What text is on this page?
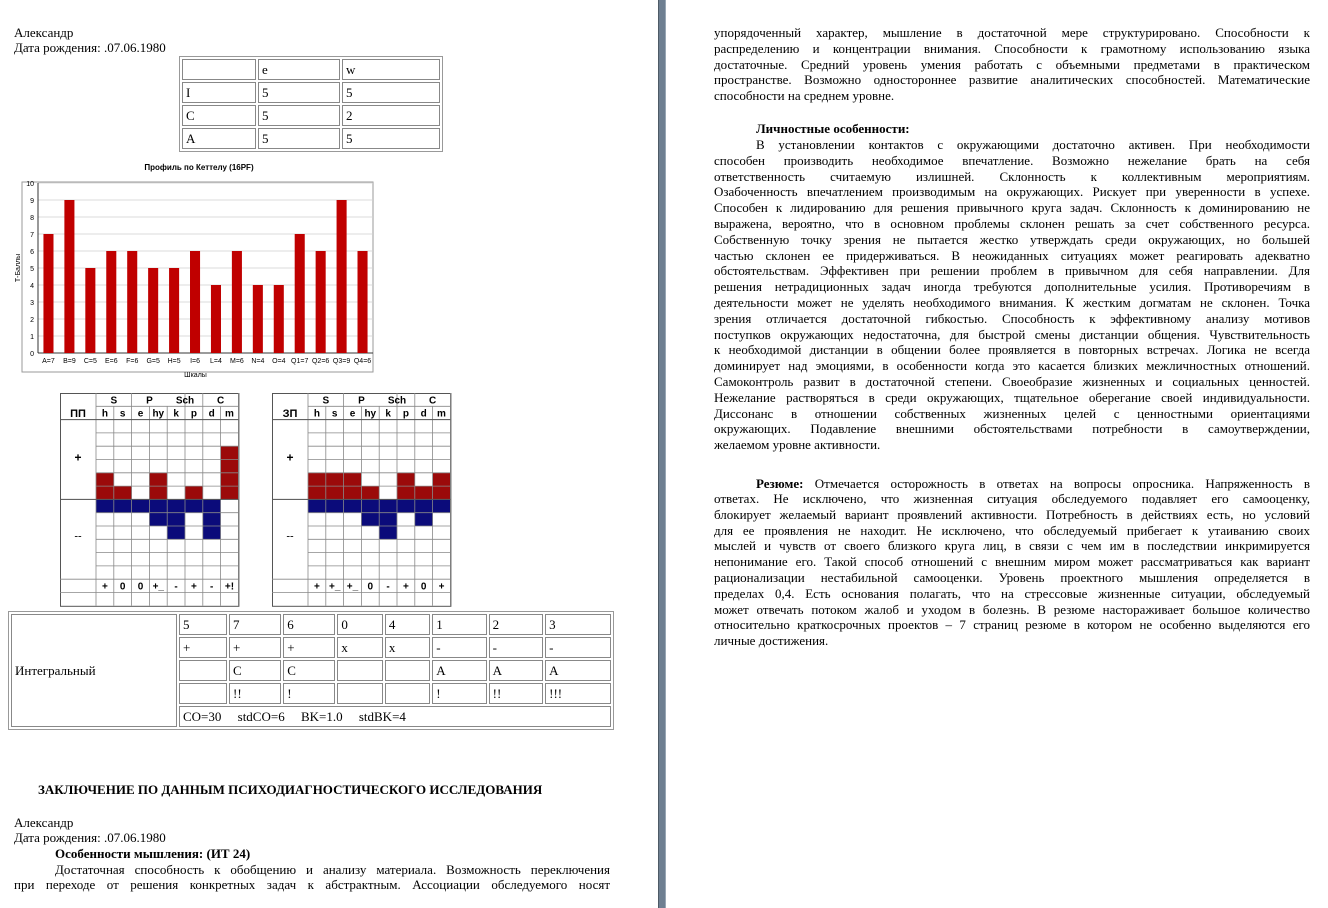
Александр
Дата рождения: .07.06.1980
	e	w
I	5	5
C	5	2
A	5	5
Профиль по Кеттелу (16PF)
0
1
2
3
4
5
6
7
8
9
10
A=7 B=9 C=5 E=6 F=6 G=5 H=5 I=6 L=4 M=6 N=4 O=4 Q1=7 Q2=6 Q3=9 Q4=6
Шкалы
Т-Баллы
S	P Sch C
h s e hy k p d m
+ 0 0 +_ - + - +!
ПП
+
--
S	P Sch C
h s e hy k p d m
+ +_ +_ 0 - + 0 +
ЗП
+
--
Интегральный	5	7	6	0	4	1	2	3
	+	+	+	x	x	-	-	-
		C	C			A	A	A
		!!	!			!	!!	!!!
	CO=30     stdCO=6     BK=1.0     stdBK=4							
ЗАКЛЮЧЕНИЕ ПО ДАННЫМ ПСИХОДИАГНОСТИЧЕСКОГО ИССЛЕДОВАНИЯ
Александр
Дата рождения: .07.06.1980
Особенности мышления: (ИТ 24)
Достаточная способность к обобщению и анализу материала. Возможность переключения
при переходе от решения конкретных задач к абстрактным. Ассоциации обследуемого носят
упорядоченный характер, мышление в достаточной мере структурировано. Способности к
распределению и концентрации внимания. Способности к грамотному использованию языка
достаточные. Средний уровень умения работать с объемными предметами в практическом
пространстве. Возможно одностороннее развитие аналитических способностей. Математические
способности на среднем уровне.
Личностные особенности:
В установлении контактов с окружающими достаточно активен. При необходимости
способен производить необходимое впечатление. Возможно нежелание брать на себя
ответственность считаемую излишней. Склонность к коллективным мероприятиям.
Озабоченность впечатлением производимым на окружающих. Рискует при уверенности в успехе.
Способен к лидированию для решения привычного круга задач. Склонность к доминированию не
выражена, вероятно, что в основном проблемы склонен решать за счет собственного ресурса.
Собственную точку зрения не пытается жестко утверждать среди окружающих, но большей
частью склонен ее придерживаться. В неожиданных ситуациях может реагировать адекватно
обстоятельствам. Эффективен при решении проблем в привычном для себя направлении. Для
решения нетрадиционных задач иногда требуются дополнительные усилия. Противоречиям в
деятельности может не уделять необходимого внимания. К жестким догматам не склонен. Точка
зрения отличается достаточной гибкостью. Способность к эффективному анализу мотивов
поступков окружающих недостаточна, для быстрой смены дистанции общения. Чувствительность
к необходимой дистанции в общении более проявляется в повторных встречах. Логика не всегда
доминирует над эмоциями, в особенности когда это касается близких межличностных отношений.
Самоконтроль развит в достаточной степени. Своеобразие жизненных и социальных ценностей.
Нежелание растворяться в среди окружающих, тщательное оберегание своей индивидуальности.
Диссонанс в отношении собственных жизненных целей с ценностными ориентациями
окружающих. Подавление внешними обстоятельствами потребности в самоутверждении,
желаемом уровне активности.
Резюме: Отмечается осторожность в ответах на вопросы опросника. Напряженность в
ответах. Не исключено, что жизненная ситуация обследуемого подавляет его самооценку,
блокирует желаемый вариант проявлений активности. Потребность в действиях есть, но условий
для ее проявления не находит. Не исключено, что обследуемый прибегает к утаиванию своих
мыслей и чувств от своего близкого круга лиц, в связи с чем им в последствии инкримируется
непонимание его. Такой способ отношений с внешним миром может рассматриваться как вариант
рационализации нестабильной самооценки. Уровень проектного мышления определяется в
пределах 0,4. Есть основания полагать, что на стрессовые жизненные ситуации, обследуемый
может отвечать потоком жалоб и уходом в болезнь. В резюме настораживает большое количество
относительно краткосрочных проектов – 7 страниц резюме в котором не особенно выделяются его
личные достижения.
